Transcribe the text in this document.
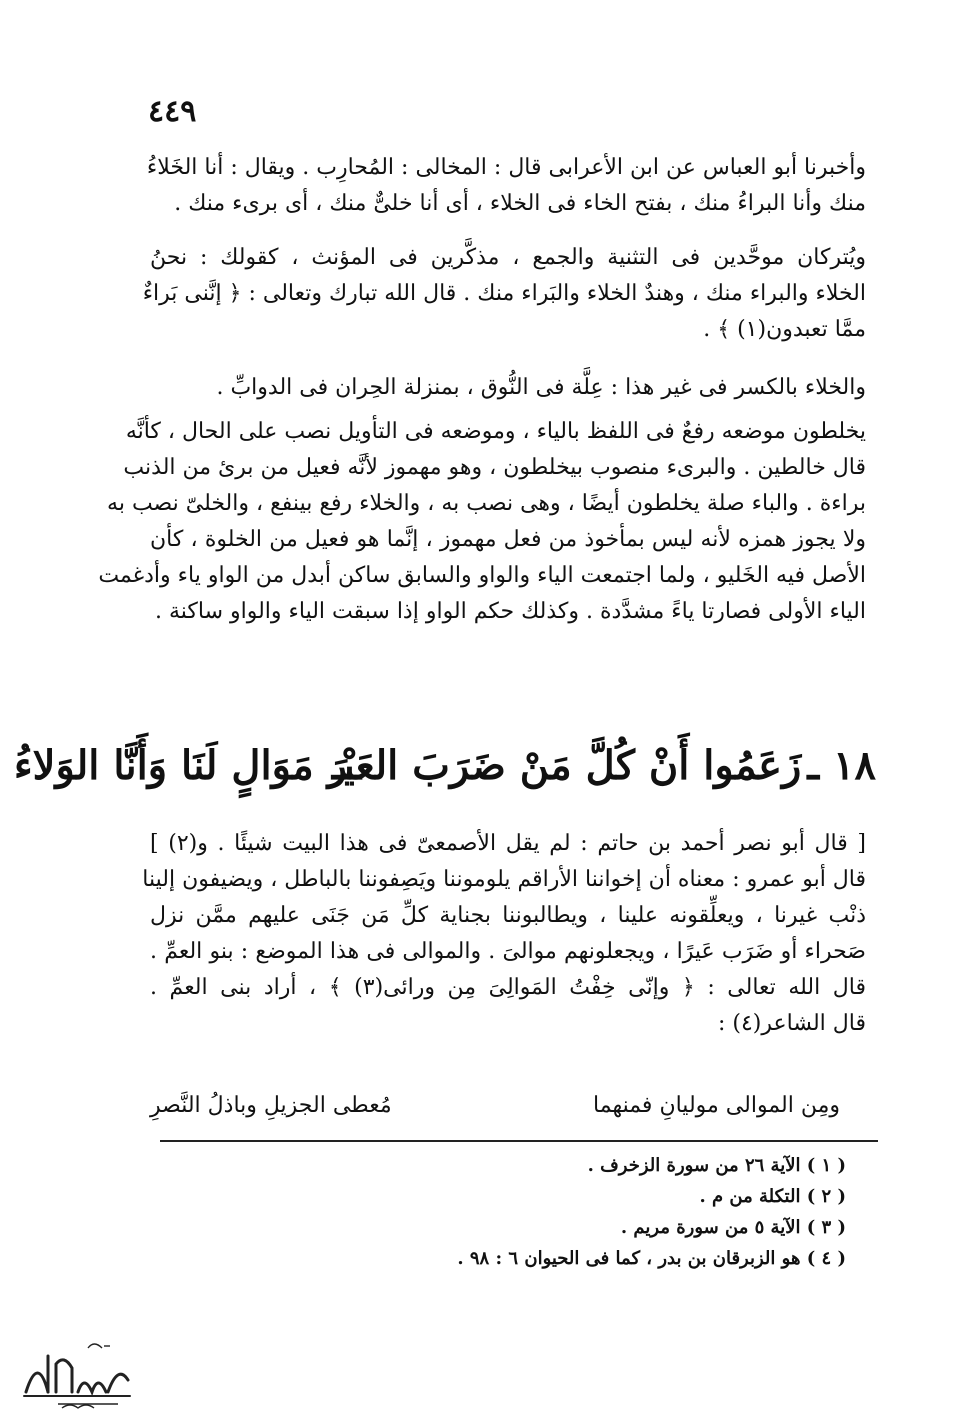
٤٤٩
وأخبرنا أبو العباس عن ابن الأعرابى قال : المخالى : المُحارِب . ويقال : أنا الخَلاءُ
منك وأنا البراءُ منك ، بفتح الخاء فى الخلاء ، أى أنا خلىٌّ منك ، أى برىء منك .
ويُتركان موحَّدين فى التثنية والجمع ، مذكَّرين فى المؤنث ، كقولك : نحنُ
الخلاء والبراء منك ، وهندٌ الخلاء والبَراء منك . قال الله تبارك وتعالى : ﴿ إنَّنى بَراءٌ
ممَّا تعبدون(١) ﴾ .
والخلاء بالكسر فى غير هذا : عِلَّة فى النُّوق ، بمنزلة الحِران فى الدوابِّ .
يخلطون موضعه رفعٌ فى اللفظ بالياء ، وموضعه فى التأويل نصب على الحال ، كأنَّه
قال خالطين . والبرىء منصوب بيخلطون ، وهو مهموز لأنَّه فعيل من برئ من الذنب
براءة . والباء صلة يخلطون أيضًا ، وهى نصب به ، والخلاء رفع بينفع ، والخلىّ نصب به
ولا يجوز همزه لأنه ليس بمأخوذ من فعل مهموز ، إنَّما هو فعيل من الخلوة ، كأن
الأصل فيه الخَليو ، ولما اجتمعت الياء والواو والسابق ساكن أبدل من الواو ياء وأدغمت
الياء الأولى فصارتا ياءً مشدَّدة . وكذلك حكم الواو إذا سبقت الياء والواو ساكنة .
١٨ ـزَعَمُوا أَنْ كُلَّ مَنْ ضَرَبَ العَيْــرَ مَوَالٍ لَنَا وَأَنَّا الوَلاءُ
[ قال أبو نصر أحمد بن حاتم : لم يقل الأصمعىّ فى هذا البيت شيئًا . و(٢) ]
قال أبو عمرو : معناه أن إخواننا الأراقم يلوموننا ويَصِفوننا بالباطل ، ويضيفون إلينا
ذنْب غيرنا ، ويعلِّقونه علينا ، ويطالبوننا بجناية كلِّ مَن جَنَى عليهم ممَّن نزل
صَحراء أو ضَرَب عَيرًا ، ويجعلونهم موالىَ . والموالى فى هذا الموضع : بنو العمِّ .
قال الله تعالى : ﴿ وإنّى خِفْتُ المَوالِىَ مِن ورائى(٣) ﴾ ، أراد بنى العمِّ .
قال الشاعر(٤) :
ومِن الموالى موليانِ فمنهما
مُعطى الجزيلِ وباذلُ النَّصرِ
( ١ ) الآية ٢٦ من سورة الزخرف .
( ٢ ) التكلة من م .
( ٣ ) الآية ٥ من سورة مريم .
( ٤ ) هو الزبرقان بن بدر ، كما فى الحيوان ٦ : ٩٨ .
